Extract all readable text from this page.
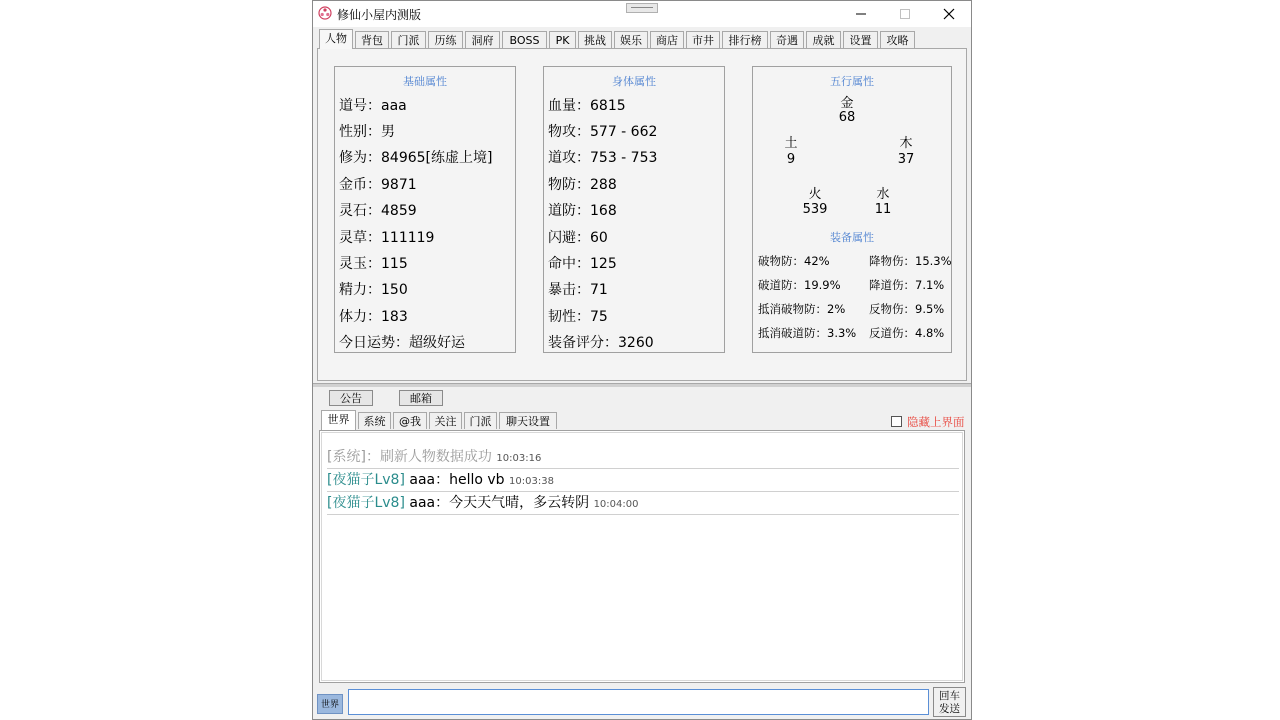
修仙小屋内测版
人物	背包	门派	历练	洞府	BOSS	PK	挑战	娱乐	商店	市井	排行榜	奇遇	成就	设置	攻略
基础属性
道号：aaa
性别：男
修为：84965[练虚上境]
金币：9871
灵石：4859
灵草：111119
灵玉：115
精力：150
体力：183
今日运势：超级好运
身体属性
血量：6815
物攻：577 - 662
道攻：753 - 753
物防：288
道防：168
闪避：60
命中：125
暴击：71
韧性：75
装备评分：3260
五行属性
金
68
土
9
木
37
火
539
水
11
装备属性
破物防：42%	降物伤：15.3%
破道防：19.9% 降道伤：7.1%
抵消破物防：2% 反物伤：9.5%
抵消破道防：3.3% 反道伤：4.8%
公告	邮箱
世界	系统	@我	关注	门派	聊天设置	隐藏上界面
[系统]：刷新人物数据成功 10:03:16
[夜猫子Lv8] aaa：hello vb 10:03:38
[夜猫子Lv8] aaa：今天天气晴，多云转阴 10:04:00
世界
回车
发送
